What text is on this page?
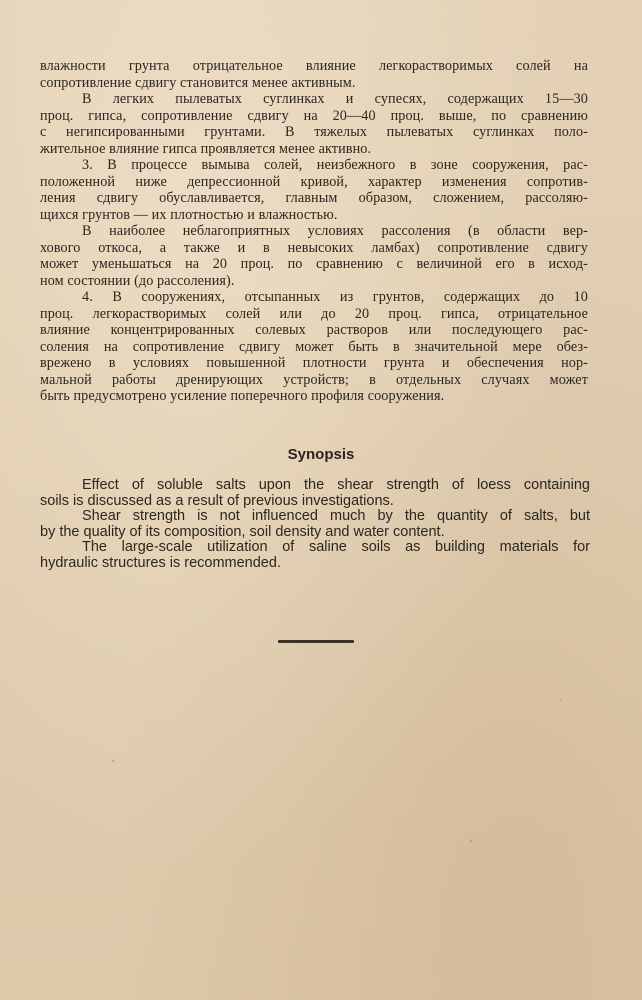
влажности грунта отрицательное влияние легкорастворимых солей на
сопротивление сдвигу становится менее активным.
В легких пылеватых суглинках и супесях, содержащих 15—30
проц. гипса, сопротивление сдвигу на 20—40 проц. выше, по сравнению
с негипсированными грунтами. В тяжелых пылеватых суглинках поло-
жительное влияние гипса проявляется менее активно.
3. В процессе вымыва солей, неизбежного в зоне сооружения, рас-
положенной ниже депрессионной кривой, характер изменения сопротив-
ления сдвигу обуславливается, главным образом, сложением, рассоляю-
щихся грунтов — их плотностью и влажностью.
В наиболее неблагоприятных условиях рассоления (в области вер-
хового откоса, а также и в невысоких ламбах) сопротивление сдвигу
может уменьшаться на 20 проц. по сравнению с величиной его в исход-
ном состоянии (до рассоления).
4. В сооружениях, отсыпанных из грунтов, содержащих до 10
проц. легкорастворимых солей или до 20 проц. гипса, отрицательное
влияние концентрированных солевых растворов или последующего рас-
соления на сопротивление сдвигу может быть в значительной мере обез-
врежено в условиях повышенной плотности грунта и обеспечения нор-
мальной работы дренирующих устройств; в отдельных случаях может
быть предусмотрено усиление поперечного профиля сооружения.
Synopsis
Effect of soluble salts upon the shear strength of loess containing
soils is discussed as a result of previous investigations.
Shear strength is not influenced much by the quantity of salts, but
by the quality of its composition, soil density and water content.
The large-scale utilization of saline soils as building materials for
hydraulic structures is recommended.
